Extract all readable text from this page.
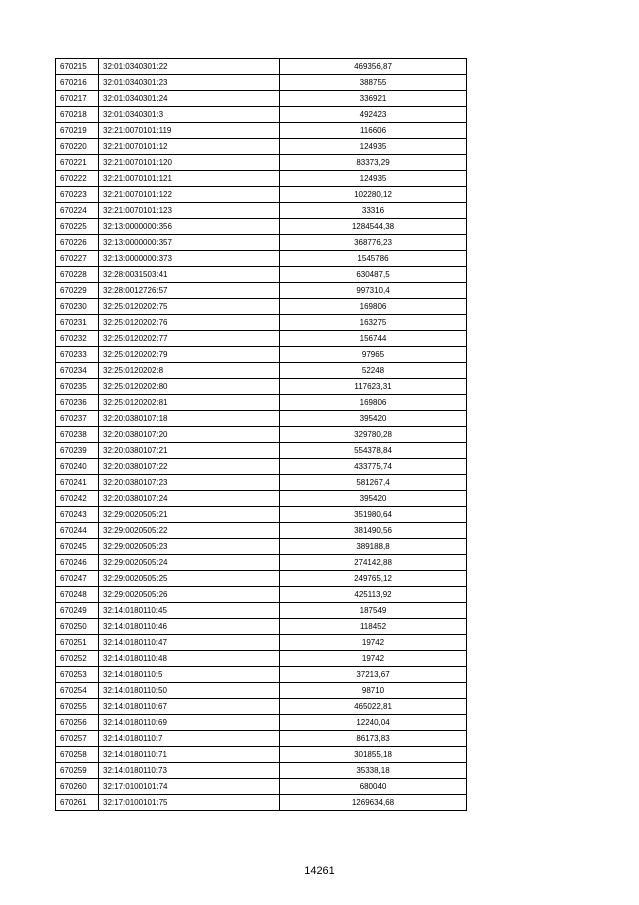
670215	32:01:0340301:22	469356,87
670216	32:01:0340301:23	388755
670217	32:01:0340301:24	336921
670218	32:01:0340301:3	492423
670219	32:21:0070101:119	116606
670220	32:21:0070101:12	124935
670221	32:21:0070101:120	83373,29
670222	32:21:0070101:121	124935
670223	32:21:0070101:122	102280,12
670224	32:21:0070101:123	33316
670225	32:13:0000000:356	1284544,38
670226	32:13:0000000:357	368776,23
670227	32:13:0000000:373	1545786
670228	32:28:0031503:41	630487,5
670229	32:28:0012726:57	997310,4
670230	32:25:0120202:75	169806
670231	32:25:0120202:76	163275
670232	32:25:0120202:77	156744
670233	32:25:0120202:79	97965
670234	32:25:0120202:8	52248
670235	32:25:0120202:80	117623,31
670236	32:25:0120202:81	169806
670237	32:20:0380107:18	395420
670238	32:20:0380107:20	329780,28
670239	32:20:0380107:21	554378,84
670240	32:20:0380107:22	433775,74
670241	32:20:0380107:23	581267,4
670242	32:20:0380107:24	395420
670243	32:29:0020505:21	351980,64
670244	32:29:0020505:22	381490,56
670245	32:29:0020505:23	389188,8
670246	32:29:0020505:24	274142,88
670247	32:29:0020505:25	249765,12
670248	32:29:0020505:26	425113,92
670249	32:14:0180110:45	187549
670250	32:14:0180110:46	118452
670251	32:14:0180110:47	19742
670252	32:14:0180110:48	19742
670253	32:14:0180110:5	37213,67
670254	32:14:0180110:50	98710
670255	32:14:0180110:67	465022,81
670256	32:14:0180110:69	12240,04
670257	32:14:0180110:7	86173,83
670258	32:14:0180110:71	301855,18
670259	32:14:0180110:73	35338,18
670260	32:17:0100101:74	680040
670261	32:17:0100101:75	1269634,68
14261
